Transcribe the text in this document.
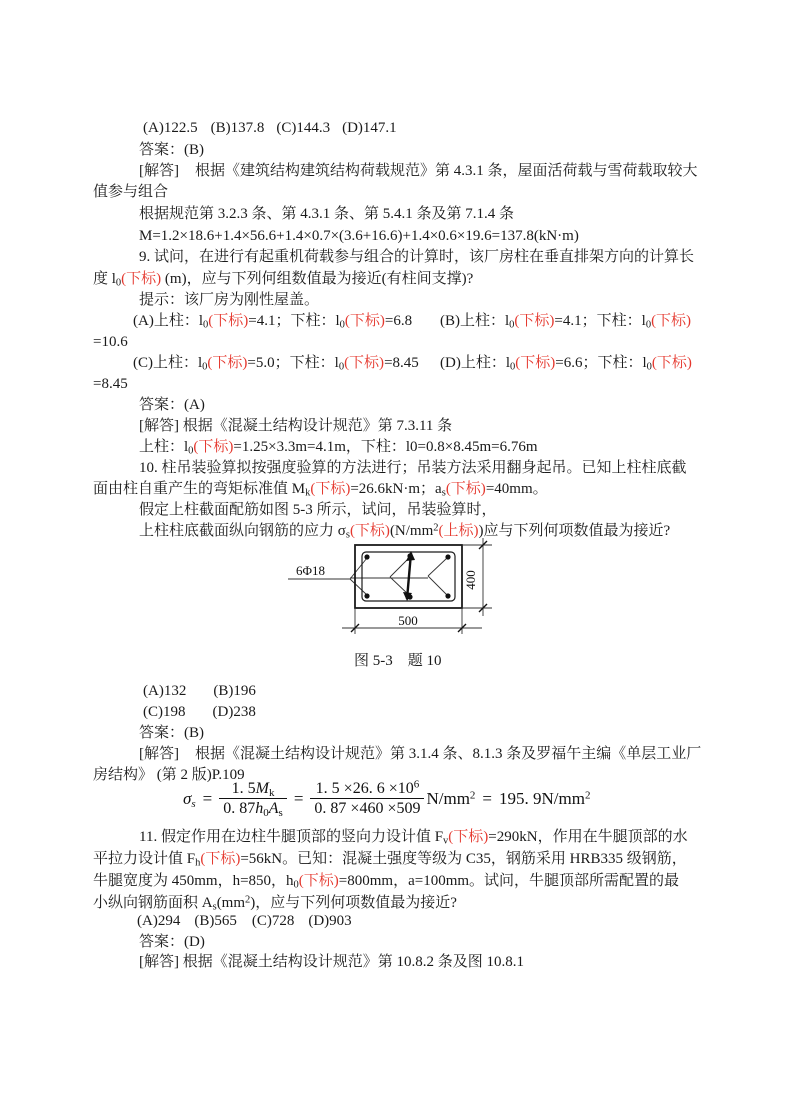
(A)122.5 (B)137.8 (C)144.3 (D)147.1
答案：(B)
[解答] 根据《建筑结构建筑结构荷载规范》第 4.3.1 条，屋面活荷载与雪荷载取较大
值参与组合
根据规范第 3.2.3 条、第 4.3.1 条、第 5.4.1 条及第 7.1.4 条
M=1.2×18.6+1.4×56.6+1.4×0.7×(3.6+16.6)+1.4×0.6×19.6=137.8(kN·m)
9. 试问，在进行有起重机荷载参与组合的计算时，该厂房柱在垂直排架方向的计算长
度 $l_0$(下标) (m)，应与下列何组数值最为接近(有柱间支撑)?
提示：该厂房为刚性屋盖。
(A)上柱：$l_0$(下标)=4.1；下柱：$l_0$(下标)=6.8 (B)上柱：$l_0$(下标)=4.1；下柱：$l_0$(下标)
=10.6
(C)上柱：$l_0$(下标)=5.0；下柱：$l_0$(下标)=8.45 (D)上柱：$l_0$(下标)=6.6；下柱：$l_0$(下标)
=8.45
答案：(A)
[解答] 根据《混凝土结构设计规范》第 7.3.11 条
上柱：$l_0$(下标)=1.25×3.3m=4.1m，下柱：l0=0.8×8.45m=6.76m
10. 柱吊装验算拟按强度验算的方法进行；吊装方法采用翻身起吊。已知上柱柱底截
面由柱自重产生的弯矩标准值 $M_k$(下标)=26.6kN·m；$a_s$(下标)=40mm。
假定上柱截面配筋如图 5-3 所示，试问，吊装验算时，
上柱柱底截面纵向钢筋的应力 $\sigma_s$(下标)($N/mm^2$(上标))应与下列何项数值最为接近?
(A)132 (B)196
(C)198 (D)238
答案：(B)
[解答] 根据《混凝土结构设计规范》第 3.1.4 条、8.1.3 条及罗福午主编《单层工业厂
房结构》 (第 2 版)P.109
11. 假定作用在边柱牛腿顶部的竖向力设计值 $F_v$(下标)=290kN，作用在牛腿顶部的水
平拉力设计值 $F_h$(下标)=56kN。已知：混凝土强度等级为 C35，钢筋采用 HRB335 级钢筋，
牛腿宽度为 450mm，h=850，$h_0$(下标)=800mm，a=100mm。试问，牛腿顶部所需配置的最
小纵向钢筋面积 $A_s(mm^2)$，应与下列何项数值最为接近?
(A)294 (B)565 (C)728 (D)903
答案：(D)
[解答] 根据《混凝土结构设计规范》第 10.8.2 条及图 10.8.1
6Φ18	400
500
图 5-3　题 10
$\sigma_s = \frac{1. 5M_k}{0. 87h_0A_s} = \frac{1. 5 \times 26. 6 \times 10^6}{0. 87 \times 460 \times 509} N/mm^2 = 195$. $9N/mm^2$
